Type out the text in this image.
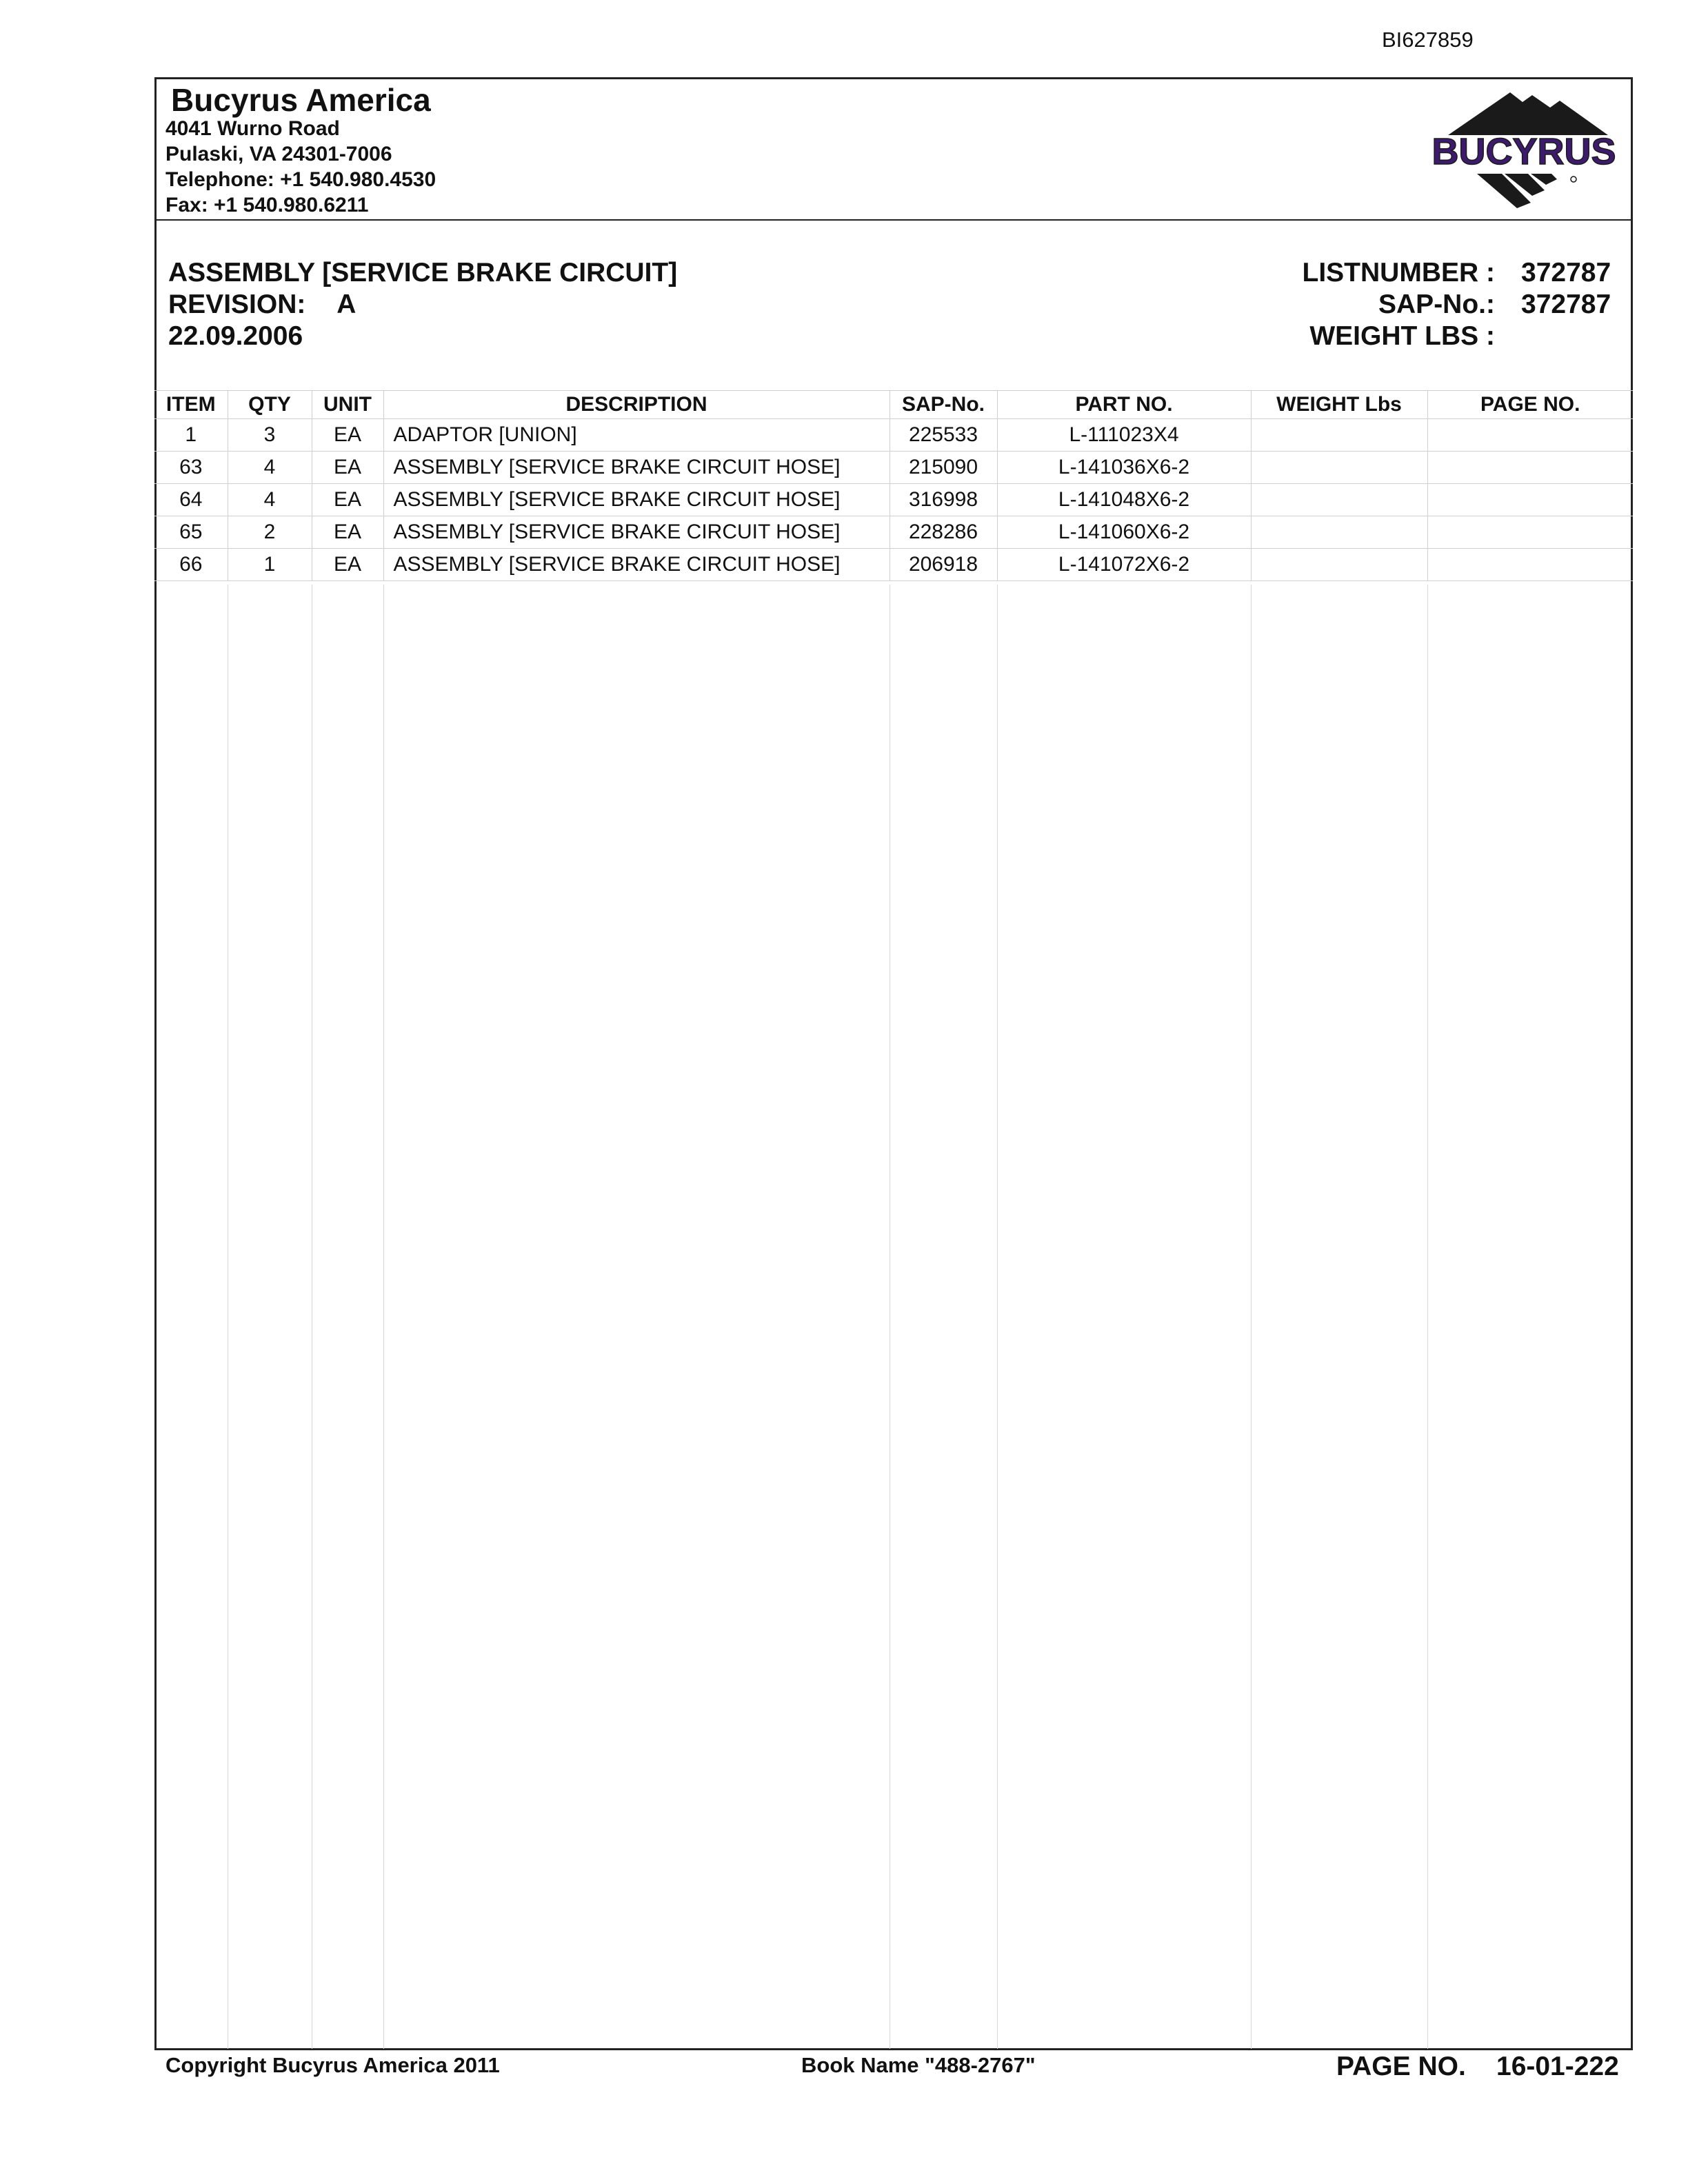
BI627859
Bucyrus America
4041 Wurno Road
Pulaski, VA 24301-7006
Telephone: +1 540.980.4530
Fax: +1 540.980.6211
BUCYRUS
ASSEMBLY [SERVICE BRAKE CIRCUIT]
REVISION: A
22.09.2006
LISTNUMBER : 372787
SAP-No.: 372787
WEIGHT LBS :
ITEM	QTY	UNIT	DESCRIPTION	SAP-No.	PART NO.	WEIGHT Lbs	PAGE NO.
1	3	EA	ADAPTOR [UNION]	225533	L-111023X4		
63	4	EA	ASSEMBLY [SERVICE BRAKE CIRCUIT HOSE]	215090	L-141036X6-2		
64	4	EA	ASSEMBLY [SERVICE BRAKE CIRCUIT HOSE]	316998	L-141048X6-2		
65	2	EA	ASSEMBLY [SERVICE BRAKE CIRCUIT HOSE]	228286	L-141060X6-2		
66	1	EA	ASSEMBLY [SERVICE BRAKE CIRCUIT HOSE]	206918	L-141072X6-2		
Copyright Bucyrus America 2011	Book Name "488-2767"	PAGE NO. 16-01-222
